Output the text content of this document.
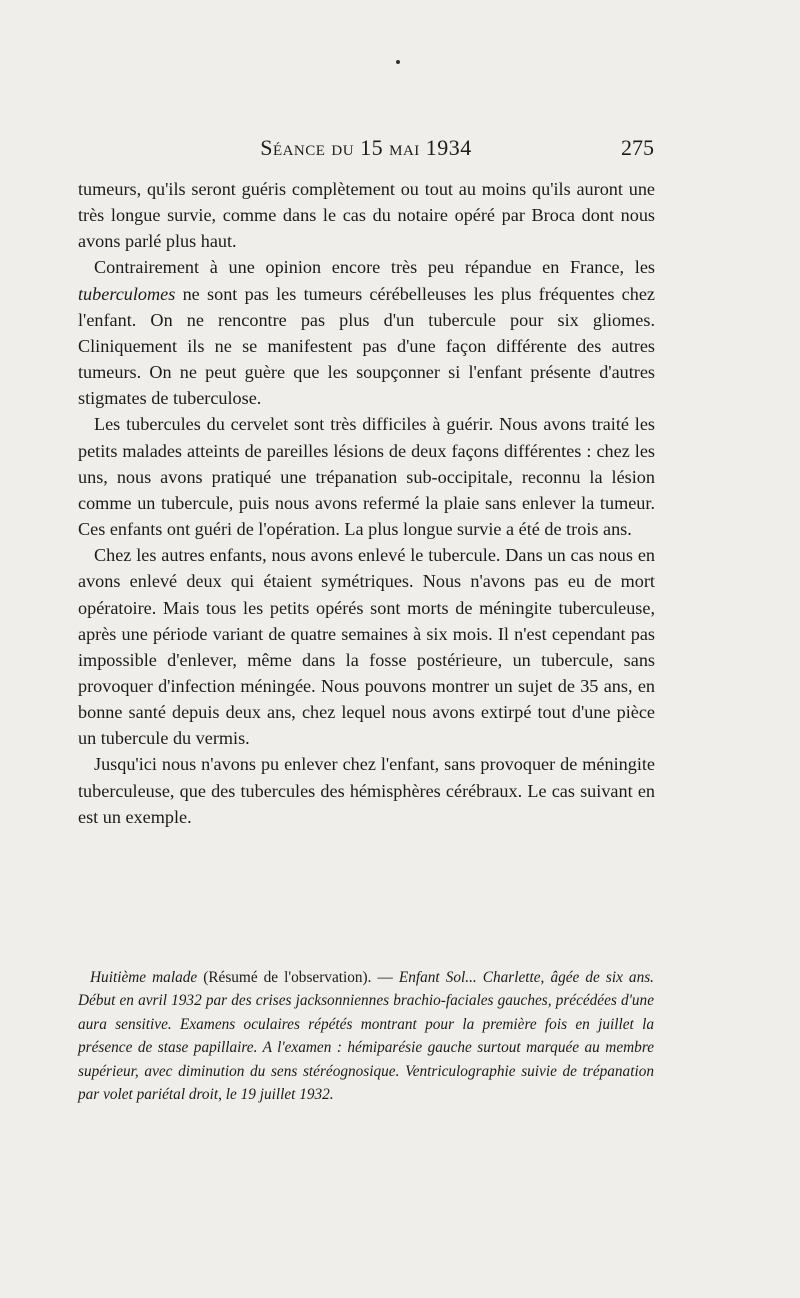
Séance du 15 mai 1934	275

tumeurs, qu'ils seront guéris complètement ou tout au moins qu'ils auront une très longue survie, comme dans le cas du notaire opéré par Broca dont nous avons parlé plus haut.

Contrairement à une opinion encore très peu répandue en France, les tuberculomes ne sont pas les tumeurs cérébelleuses les plus fréquentes chez l'enfant. On ne rencontre pas plus d'un tubercule pour six gliomes. Cliniquement ils ne se manifestent pas d'une façon différente des autres tumeurs. On ne peut guère que les soupçonner si l'enfant présente d'autres stigmates de tuberculose.

Les tubercules du cervelet sont très difficiles à guérir. Nous avons traité les petits malades atteints de pareilles lésions de deux façons différentes : chez les uns, nous avons pratiqué une trépanation sub-occipitale, reconnu la lésion comme un tubercule, puis nous avons refermé la plaie sans enlever la tumeur. Ces enfants ont guéri de l'opération. La plus longue survie a été de trois ans.

Chez les autres enfants, nous avons enlevé le tubercule. Dans un cas nous en avons enlevé deux qui étaient symétriques. Nous n'avons pas eu de mort opératoire. Mais tous les petits opérés sont morts de méningite tuberculeuse, après une période variant de quatre semaines à six mois. Il n'est cependant pas impossible d'enlever, même dans la fosse postérieure, un tubercule, sans provoquer d'infection méningée. Nous pouvons montrer un sujet de 35 ans, en bonne santé depuis deux ans, chez lequel nous avons extirpé tout d'une pièce un tubercule du vermis.

Jusqu'ici nous n'avons pu enlever chez l'enfant, sans provoquer de méningite tuberculeuse, que des tubercules des hémisphères cérébraux. Le cas suivant en est un exemple.

Huitième malade (Résumé de l'observation). — Enfant Sol... Charlette, âgée de six ans. Début en avril 1932 par des crises jacksonniennes brachio-faciales gauches, précédées d'une aura sensitive. Examens oculaires répétés montrant pour la première fois en juillet la présence de stase papillaire. A l'examen : hémiparésie gauche surtout marquée au membre supérieur, avec diminution du sens stéréognosique. Ventriculographie suivie de trépanation par volet pariétal droit, le 19 juillet 1932.
